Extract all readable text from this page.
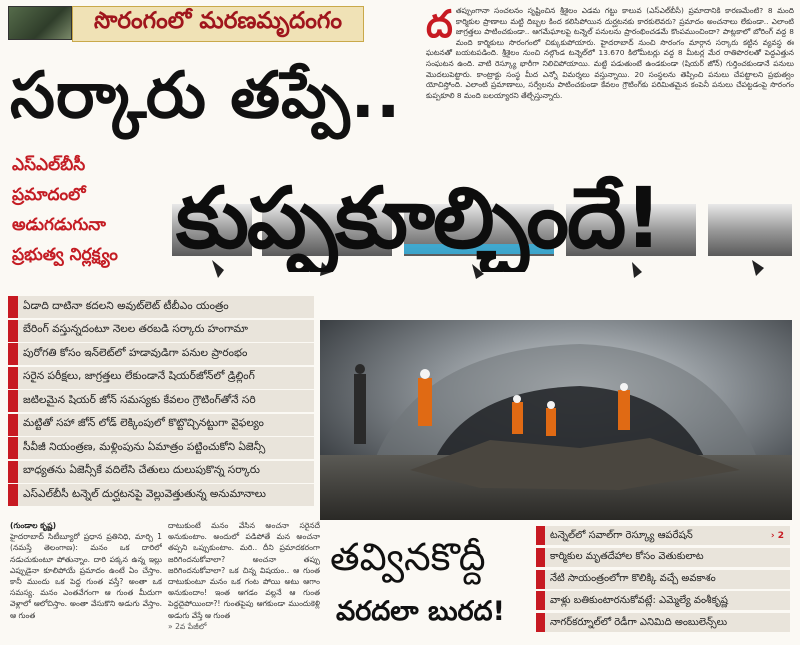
సొరంగంలో మరణమృదంగం
సర్కారు తప్పే..
దతప్పుంగానా సంచలనం సృష్టించిన శ్రీశైలం ఎడమ గట్టు కాలువ (ఎస్‌ఎల్‌బీసీ) ప్రమాదానికి కారణమేంటి? 8 మంది కార్మికుల ప్రాణాలు మట్టి దిబ్బల కింద కలిసిపోయిన దుర్ఘటనకు కారకులెవరు? ప్రమాదం అంచనాలు లేకుండా.. ఎలాంటి జాగ్రత్తలు పాటించకుండా.. ఆగమేఘాలపై టన్నెల్ పనులను ప్రారంభించడమే కొంపముంచిందా? పాట్లకాలో బోరింగ్ వద్ద 8 మంది కార్మికులు సొరంగంలో చిక్కుకుపోయారు. హైదరాబాద్ నుంచి సొరంగం మార్గాన సర్కారు కట్టిన వ్యవస్థ ఈ ఘటనతో బయటపడింది. శ్రీశైలం నుంచి నల్గొండ టన్నెల్‌లో 13.670 కిలోమీటర్లు వద్ద 8 మీటర్ల మేర రాతిపొరలతో పెద్దఎత్తున సంఘటన ఉంది. వాటి రెస్క్యూ భారీగా నిలిచిపోయాయి. మట్టి పడుతుంటే ఉండకుండా (షియర్ జోన్) గుర్తించకుండానే పనులు మొదలుపెట్టారు. కాంట్రాక్టు సంస్థ మీద ఎన్నో విమర్శలు వస్తున్నాయి. 20 సంస్థలను తెప్పించి పనులు చేపట్టాలని ప్రభుత్వం యోచిస్తోంది. ఎలాంటి ప్రమాణాలు, సర్వేలను పాటించకుండా కేవలం గ్రౌటింగ్‌కు పరిమితమైన కంపెనీ పనులు చేపట్టడంపై సొరంగం కుప్పకూలి 8 మంది బలయ్యారని తేల్చేస్తున్నారు.
ఎస్‌ఎల్‌బీసీ
ప్రమాదంలో
అడుగడుగునా
ప్రభుత్వ నిర్లక్ష్యం కుప్పకూల్చిందే!
ఏడాది దాటినా కదలని అవుట్‌లెట్ టీబీఎం యంత్రం
బేరింగ్ వస్తున్నదంటూ నెలల తరబడి సర్కారు హంగామా
పురోగతి కోసం ఇన్‌లెట్‌లో హడావుడిగా పనుల ప్రారంభం
సరైన పరీక్షలు, జాగ్రత్తలు లేకుండానే షియర్‌జోన్‌లో డ్రిల్లింగ్
జటిలమైన షియర్ జోన్ సమస్యకు కేవలం గ్రౌటింగ్‌తోనే సరి
మట్టితో సహా జోన్ లోడ్ లెక్కింపులో కొట్టొచ్చినట్టుగా వైఫల్యం
సీవీజీ నియంత్రణ, మళ్లింపును ఏమాత్రం పట్టించుకోని ఏజెన్సీ
బాధ్యతను ఏజెన్సీకే వదిలేసి చేతులు దులుపుకొన్న సర్కారు
ఎస్‌ఎల్‌బీసీ టన్నెల్ దుర్ఘటనపై వెల్లువెత్తుతున్న అనుమానాలు
(గుండాల కృష్ణ)
హైదరాబాద్ సిటీబ్యూరో ప్రధాన ప్రతినిధి, మార్చి 1 (నమస్తే తెలంగాణ): మనం ఒక దారిలో నడుచుకుంటూ పోతున్నాం. దారి పక్కన ఉన్న ఇల్లు ఎప్పుడైనా కూలిపోయే ప్రమాదం ఉంటే ఏం చేస్తాం. కానీ ముందు ఒక పెద్ద గుంత వస్తే? అంతా ఒక సమస్య. మనం ఎంతవేగంగా ఆ గుంత మీదుగా వెళ్లాలో ఆలోచిస్తాం. అంతా వేసుకొని అడుగు వేస్తాం. ఆ గుంత
దాటుకుంటే మనం వేసిన అంచనా సరైనదే అనుకుంటాం. అందులో పడిపోతే మన అంచనా తప్పని ఒప్పుకుంటాం. మరి.. దీని ప్రమాదకరంగా జరిగిందనుకోవాలా? అంచనా తప్పు జరిగిందనుకోవాలా? ఒక చిన్న విషయం.. ఆ గుంత దాటుకుంటూ మనం ఒక గంట పోయి అటు ఆగాం అనుకుందాం! ఇంత ఆగడం వల్లనే ఆ గుంత పెద్దదైపోయిందా?! గుంతపైపు ఆగకుండా ముందుకెళ్లి అడుగు వేస్తే ఆ గుంత
» 2వ పేజీలో
తవ్వినకొద్దీ
వరదలా బురద!
టన్నెల్‌లో సవాల్‌గా రెస్క్యూ ఆపరేషన్	› 2
కార్మికుల మృతదేహాల కోసం వెతుకులాట
నేటి సాయంత్రంలోగా కొలిక్కి వచ్చే అవకాశం
వాళ్లు బతికుంటారనుకోవట్లే: ఎమ్మెల్యే వంశీకృష్ణ
నాగర్‌కర్నూల్‌లో రెడీగా ఎనిమిది అంబులెన్స్‌లు
